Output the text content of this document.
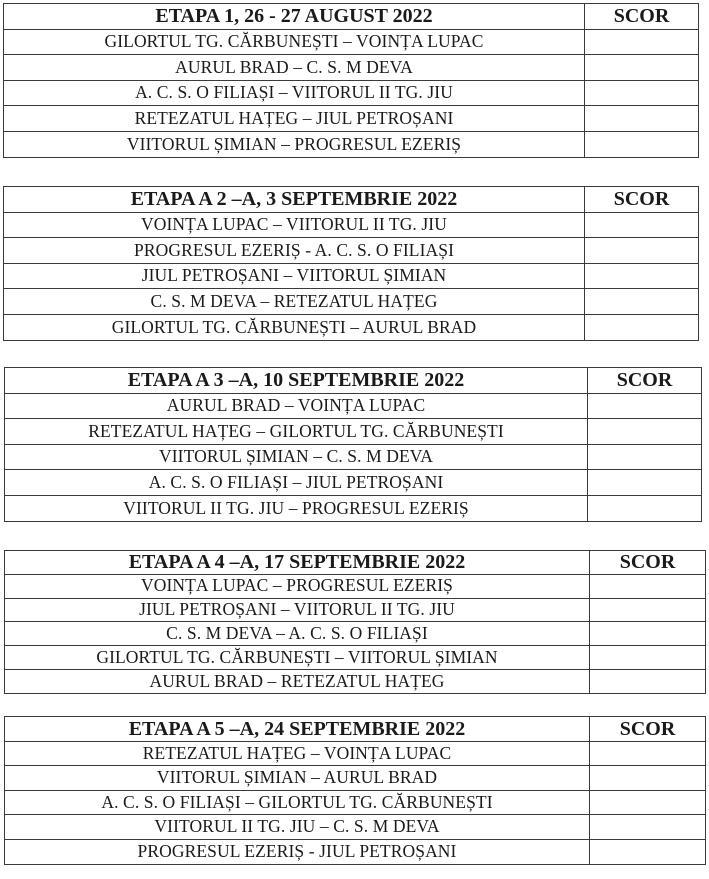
ETAPA 1, 26 - 27 AUGUST 2022	SCOR
GILORTUL TG. CĂRBUNEȘTI – VOINȚA LUPAC	
AURUL BRAD – C. S. M DEVA	
A. C. S. O FILIAȘI – VIITORUL II TG. JIU	
RETEZATUL HAȚEG – JIUL PETROȘANI	
VIITORUL ȘIMIAN – PROGRESUL EZERIȘ	
ETAPA A 2 –A, 3 SEPTEMBRIE 2022	SCOR
VOINȚA LUPAC – VIITORUL II TG. JIU	
PROGRESUL EZERIȘ - A. C. S. O FILIAȘI	
JIUL PETROȘANI – VIITORUL ȘIMIAN	
C. S. M DEVA – RETEZATUL HAȚEG	
GILORTUL TG. CĂRBUNEȘTI – AURUL BRAD	
ETAPA A 3 –A, 10 SEPTEMBRIE 2022	SCOR
AURUL BRAD – VOINȚA LUPAC	
RETEZATUL HAȚEG – GILORTUL TG. CĂRBUNEȘTI	
VIITORUL ȘIMIAN – C. S. M DEVA	
A. C. S. O FILIAȘI – JIUL PETROȘANI	
VIITORUL II TG. JIU – PROGRESUL EZERIȘ	
ETAPA A 4 –A, 17 SEPTEMBRIE 2022	SCOR
VOINȚA LUPAC – PROGRESUL EZERIȘ	
JIUL PETROȘANI – VIITORUL II TG. JIU	
C. S. M DEVA – A. C. S. O FILIAȘI	
GILORTUL TG. CĂRBUNEȘTI – VIITORUL ȘIMIAN	
AURUL BRAD – RETEZATUL HAȚEG	
ETAPA A 5 –A, 24 SEPTEMBRIE 2022	SCOR
RETEZATUL HAȚEG – VOINȚA LUPAC	
VIITORUL ȘIMIAN – AURUL BRAD	
A. C. S. O FILIAȘI – GILORTUL TG. CĂRBUNEȘTI	
VIITORUL II TG. JIU – C. S. M DEVA	
PROGRESUL EZERIȘ - JIUL PETROȘANI	
